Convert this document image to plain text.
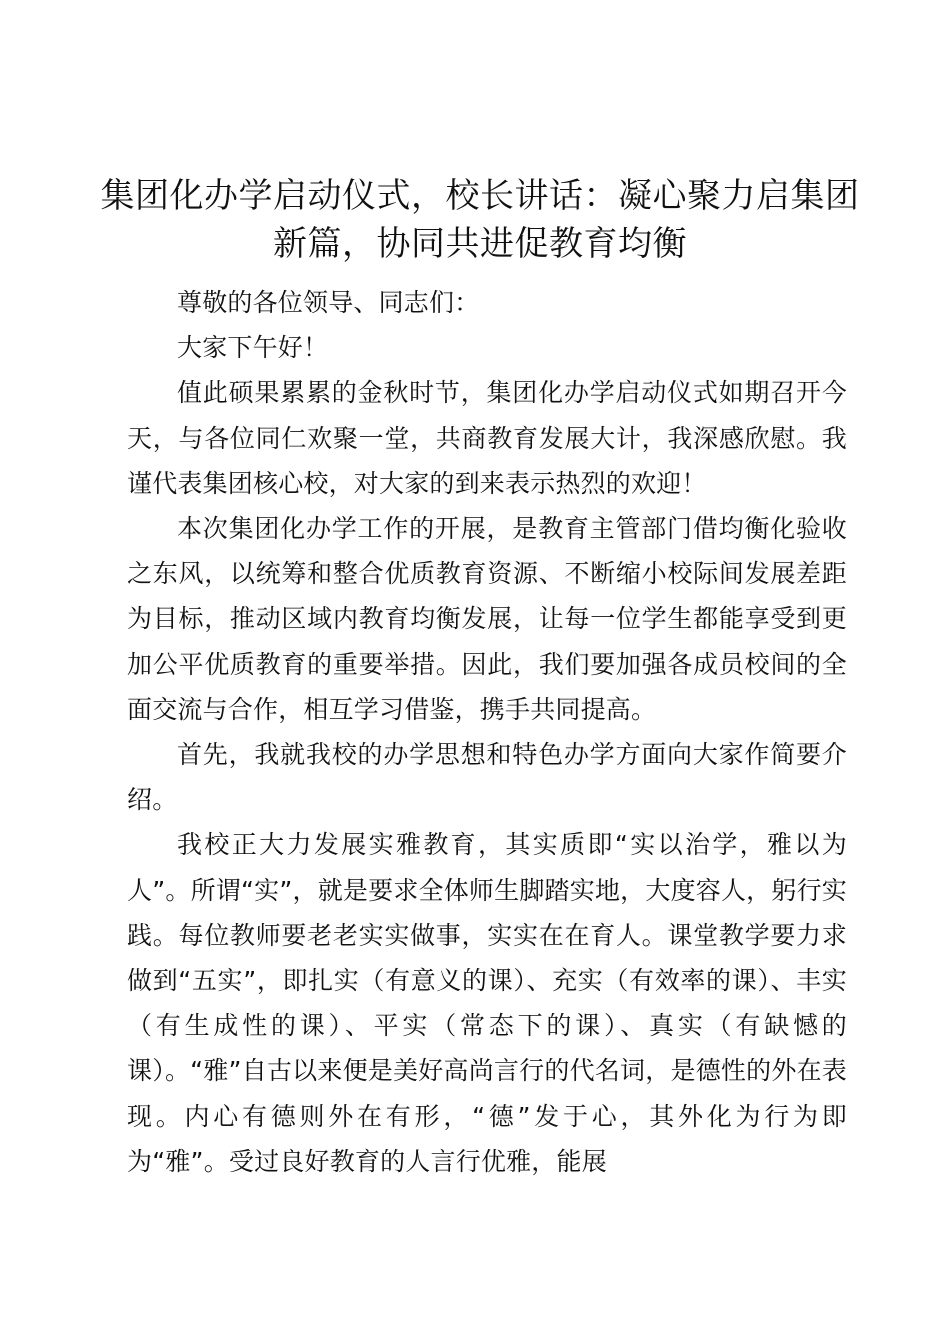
集团化办学启动仪式，校长讲话：凝心聚力启集团新篇，协同共进促教育均衡

尊敬的各位领导、同志们：

大家下午好！

值此硕果累累的金秋时节，集团化办学启动仪式如期召开今天，与各位同仁欢聚一堂，共商教育发展大计，我深感欣慰。我谨代表集团核心校，对大家的到来表示热烈的欢迎！

本次集团化办学工作的开展，是教育主管部门借均衡化验收之东风，以统筹和整合优质教育资源、不断缩小校际间发展差距为目标，推动区域内教育均衡发展，让每一位学生都能享受到更加公平优质教育的重要举措。因此，我们要加强各成员校间的全面交流与合作，相互学习借鉴，携手共同提高。

首先，我就我校的办学思想和特色办学方面向大家作简要介绍。

我校正大力发展实雅教育，其实质即“实以治学，雅以为人”。所谓“实”，就是要求全体师生脚踏实地，大度容人，躬行实践。每位教师要老老实实做事，实实在在育人。课堂教学要力求做到“五实”，即扎实（有意义的课）、充实（有效率的课）、丰实（有生成性的课）、平实（常态下的课）、真实（有缺憾的课）。“雅”自古以来便是美好高尚言行的代名词，是德性的外在表现。内心有德则外在有形，“德”发于心，其外化为行为即为“雅”。受过良好教育的人言行优雅，能展
